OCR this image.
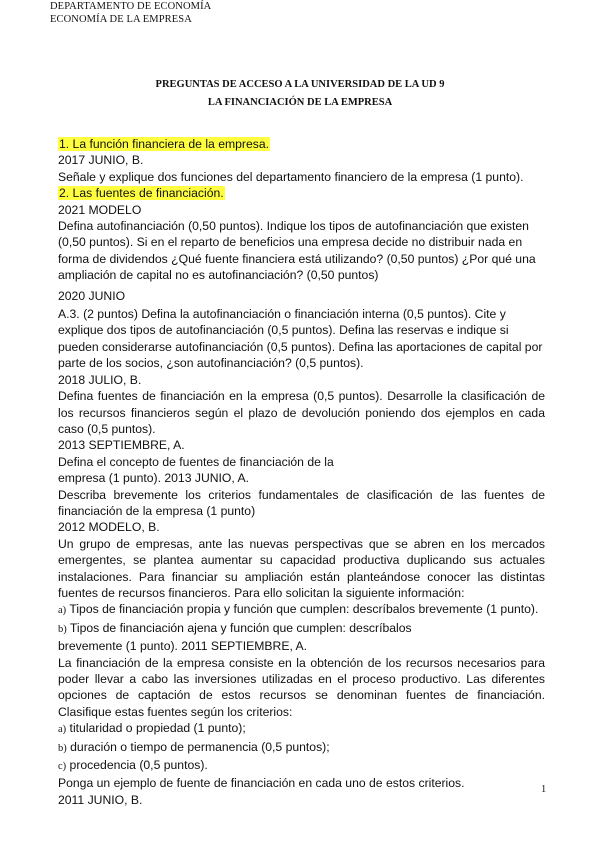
DEPARTAMENTO DE ECONOMÍA
ECONOMÍA DE LA EMPRESA
PREGUNTAS DE ACCESO A LA UNIVERSIDAD DE LA UD 9
LA FINANCIACIÓN DE LA EMPRESA

1. La función financiera de la empresa.

2017 JUNIO, B.

Señale y explique dos funciones del departamento financiero de la empresa (1 punto).

2. Las fuentes de financiación.

2021 MODELO

Defina autofinanciación (0,50 puntos). Indique los tipos de autofinanciación que existen (0,50 puntos). Si en el reparto de beneficios una empresa decide no distribuir nada en forma de dividendos ¿Qué fuente financiera está utilizando? (0,50 puntos) ¿Por qué una ampliación de capital no es autofinanciación? (0,50 puntos)

2020 JUNIO

A.3. (2 puntos) Defina la autofinanciación o financiación interna (0,5 puntos). Cite y explique dos tipos de autofinanciación (0,5 puntos). Defina las reservas e indique si pueden considerarse autofinanciación (0,5 puntos). Defina las aportaciones de capital por parte de los socios, ¿son autofinanciación? (0,5 puntos).

2018 JULIO, B.

Defina fuentes de financiación en la empresa (0,5 puntos). Desarrolle la clasificación de los recursos financieros según el plazo de devolución poniendo dos ejemplos en cada caso (0,5 puntos).

2013 SEPTIEMBRE, A.

Defina el concepto de fuentes de financiación de la

empresa (1 punto). 2013 JUNIO, A.

Describa brevemente los criterios fundamentales de clasificación de las fuentes de financiación de la empresa (1 punto)

2012 MODELO, B.

Un grupo de empresas, ante las nuevas perspectivas que se abren en los mercados emergentes, se plantea aumentar su capacidad productiva duplicando sus actuales instalaciones. Para financiar su ampliación están planteándose conocer las distintas fuentes de recursos financieros. Para ello solicitan la siguiente información:

a) Tipos de financiación propia y función que cumplen: descríbalos brevemente (1 punto).

b) Tipos de financiación ajena y función que cumplen: descríbalos

brevemente (1 punto). 2011 SEPTIEMBRE, A.

La financiación de la empresa consiste en la obtención de los recursos necesarios para poder llevar a cabo las inversiones utilizadas en el proceso productivo. Las diferentes opciones de captación de estos recursos se denominan fuentes de financiación. Clasifique estas fuentes según los criterios:

a) titularidad o propiedad (1 punto);

b) duración o tiempo de permanencia (0,5 puntos);

c) procedencia (0,5 puntos).

Ponga un ejemplo de fuente de financiación en cada uno de estos criterios.

2011 JUNIO, B.

1
